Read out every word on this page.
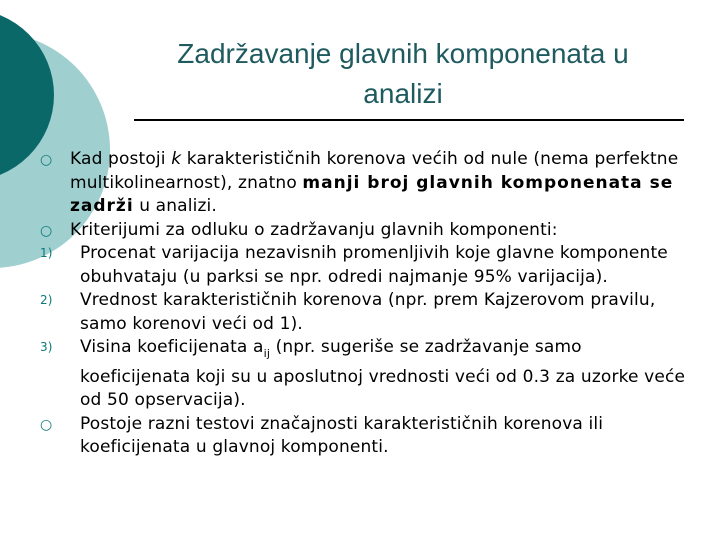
Zadržavanje glavnih komponenata u
analizi
○ Kad postoji k karakterističnih korenova većih od nule (nema perfektne multikolinearnost), znatno manji broj glavnih komponenata se zadrži u analizi.
○ Kriterijumi za odluku o zadržavanju glavnih komponenti:
1) Procenat varijacija nezavisnih promenljivih koje glavne komponente obuhvataju (u parksi se npr. odredi najmanje 95% varijacija).
2) Vrednost karakterističnih korenova (npr. prem Kajzerovom pravilu, samo korenovi veći od 1).
3) Visina koeficijenata $a_{ij}$ (npr. sugeriše se zadržavanje samo koeficijenata koji su u aposlutnoj vrednosti veći od 0.3 za uzorke veće od 50 opservacija).
○ Postoje razni testovi značajnosti karakterističnih korenova ili koeficijenata u glavnoj komponenti.
